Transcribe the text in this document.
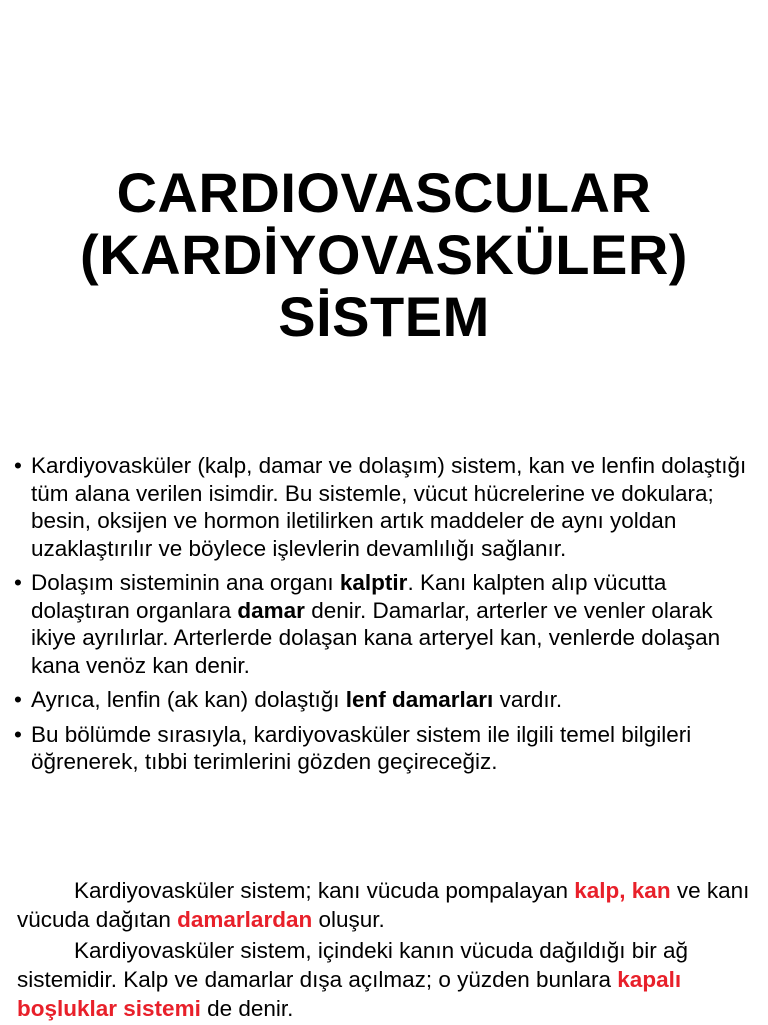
CARDIOVASCULAR
(KARDİYOVASKÜLER)
SİSTEM
• Kardiyovasküler (kalp, damar ve dolaşım) sistem, kan ve lenfin dolaştığı tüm alana verilen isimdir. Bu sistemle, vücut hücrelerine ve dokulara; besin, oksijen ve hormon iletilirken artık maddeler de aynı yoldan uzaklaştırılır ve böylece işlevlerin devamlılığı sağlanır.
• Dolaşım sisteminin ana organı kalptir. Kanı kalpten alıp vücutta dolaştıran organlara damar denir. Damarlar, arterler ve venler olarak ikiye ayrılırlar. Arterlerde dolaşan kana arteryel kan, venlerde dolaşan kana venöz kan denir.
• Ayrıca, lenfin (ak kan) dolaştığı lenf damarları vardır.
• Bu bölümde sırasıyla, kardiyovasküler sistem ile ilgili temel bilgileri öğrenerek, tıbbi terimlerini gözden geçireceğiz.

Kardiyovasküler sistem; kanı vücuda pompalayan kalp, kan ve kanı vücuda dağıtan damarlardan oluşur.

Kardiyovasküler sistem, içindeki kanın vücuda dağıldığı bir ağ sistemidir. Kalp ve damarlar dışa açılmaz; o yüzden bunlara kapalı boşluklar sistemi de denir.
